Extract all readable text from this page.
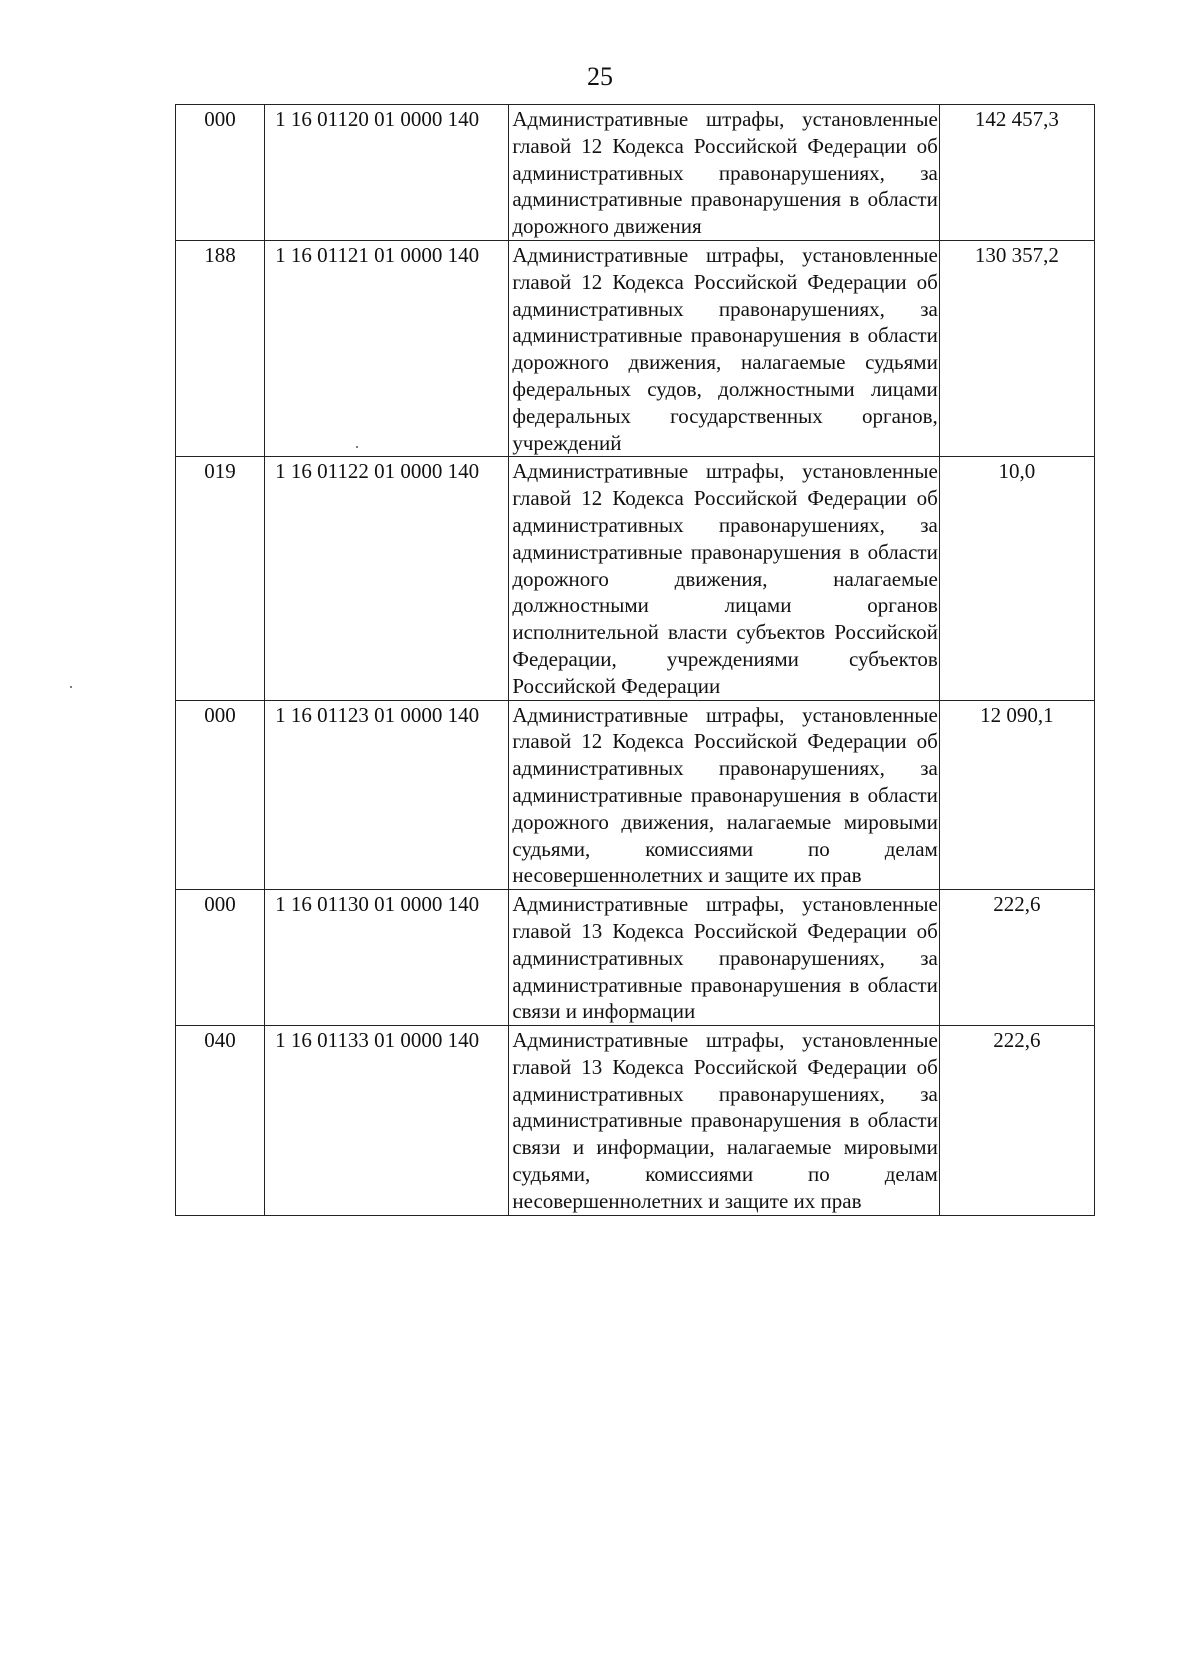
25
000	1 16 01120 01 0000 140	Административные штрафы, установленные главой 12 Кодекса Российской Федерации об административных правонарушениях, за административные правонарушения в области дорожного движения	142 457,3
188	1 16 01121 01 0000 140	Административные штрафы, установленные главой 12 Кодекса Российской Федерации об административных правонарушениях, за административные правонарушения в области дорожного движения, налагаемые судьями федеральных судов, должностными лицами федеральных государственных органов, учреждений	130 357,2
019	1 16 01122 01 0000 140	Административные штрафы, установленные главой 12 Кодекса Российской Федерации об административных правонарушениях, за административные правонарушения в области дорожного движения, налагаемые должностными лицами органов исполнительной власти субъектов Российской Федерации, учреждениями субъектов Российской Федерации	10,0
000	1 16 01123 01 0000 140	Административные штрафы, установленные главой 12 Кодекса Российской Федерации об административных правонарушениях, за административные правонарушения в области дорожного движения, налагаемые мировыми судьями, комиссиями по делам несовершеннолетних и защите их прав	12 090,1
000	1 16 01130 01 0000 140	Административные штрафы, установленные главой 13 Кодекса Российской Федерации об административных правонарушениях, за административные правонарушения в области связи и информации	222,6
040	1 16 01133 01 0000 140	Административные штрафы, установленные главой 13 Кодекса Российской Федерации об административных правонарушениях, за административные правонарушения в области связи и информации, налагаемые мировыми судьями, комиссиями по делам несовершеннолетних и защите их прав	222,6
